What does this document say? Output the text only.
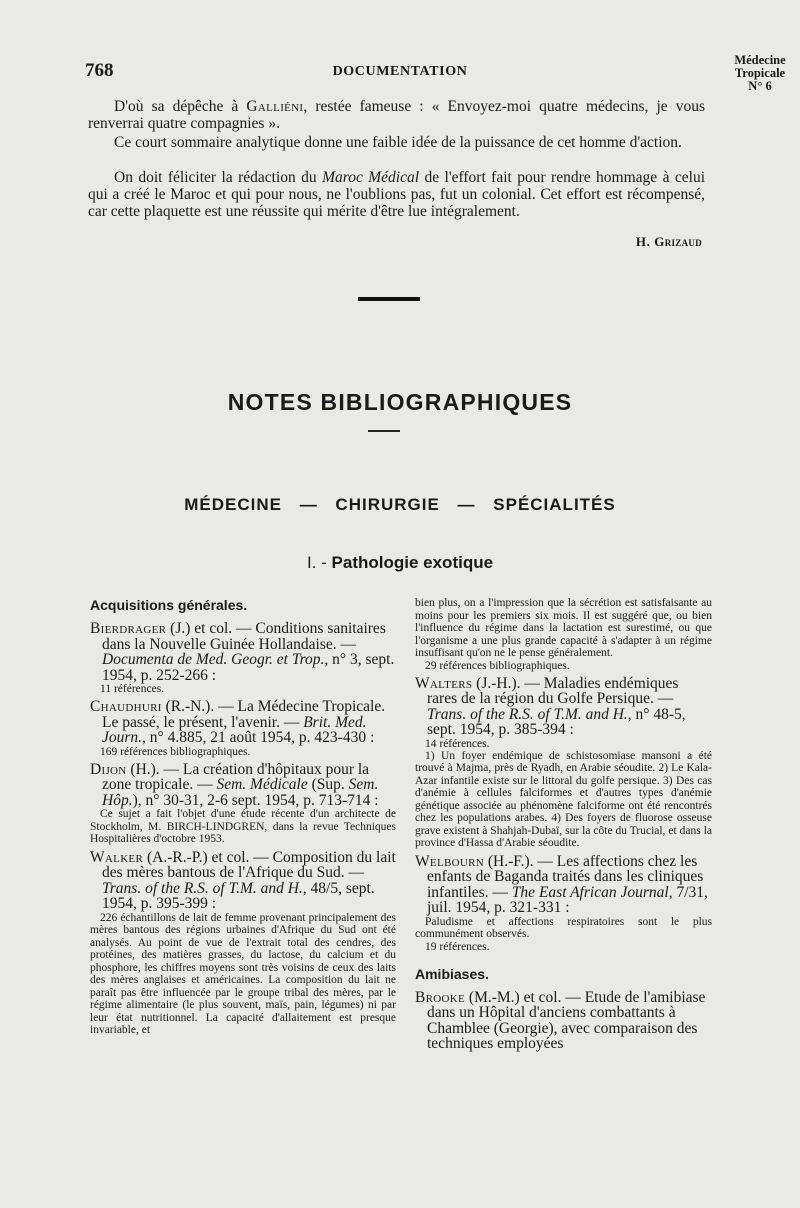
768	DOCUMENTATION
Médecine
Tropicale
N° 6
D'où sa dépêche à Galliéni, restée fameuse : « Envoyez-moi quatre médecins, je vous renverrai quatre compagnies ».
Ce court sommaire analytique donne une faible idée de la puissance de cet homme d'action.
On doit féliciter la rédaction du Maroc Médical de l'effort fait pour rendre hommage à celui qui a créé le Maroc et qui pour nous, ne l'oublions pas, fut un colonial. Cet effort est récompensé, car cette plaquette est une réussite qui mérite d'être lue intégralement.
H. Grizaud
NOTES BIBLIOGRAPHIQUES
MÉDECINE — CHIRURGIE — SPÉCIALITÉS
I. - Pathologie exotique
Acquisitions générales.
Bierdrager (J.) et col. — Conditions sanitaires dans la Nouvelle Guinée Hollandaise. — Documenta de Med. Geogr. et Trop., n° 3, sept. 1954, p. 252-266 :
11 références.
Chaudhuri (R.-N.). — La Médecine Tropicale. Le passé, le présent, l'avenir. — Brit. Med. Journ., n° 4.885, 21 août 1954, p. 423-430 :
169 références bibliographiques.
Dijon (H.). — La création d'hôpitaux pour la zone tropicale. — Sem. Médicale (Sup. Sem. Hôp.), n° 30-31, 2-6 sept. 1954, p. 713-714 :
Ce sujet a fait l'objet d'une étude récente d'un architecte de Stockholm, M. BIRCH-LINDGREN, dans la revue Techniques Hospitalières d'octobre 1953.
Walker (A.-R.-P.) et col. — Composition du lait des mères bantous de l'Afrique du Sud. — Trans. of the R.S. of T.M. and H., 48/5, sept. 1954, p. 395-399 :
226 échantillons de lait de femme provenant principalement des mères bantous des régions urbaines d'Afrique du Sud ont été analysés. Au point de vue de l'extrait total des cendres, des protéines, des matières grasses, du lactose, du calcium et du phosphore, les chiffres moyens sont très voisins de ceux des laits des mères anglaises et américaines. La composition du lait ne paraît pas être influencée par le groupe tribal des mères, par le régime alimentaire (le plus souvent, maïs, pain, légumes) ni par leur état nutritionnel. La capacité d'allaitement est presque invariable, et
bien plus, on a l'impression que la sécrétion est satisfaisante au moins pour les premiers six mois. Il est suggéré que, ou bien l'influence du régime dans la lactation est surestimé, ou que l'organisme a une plus grande capacité à s'adapter à un régime insuffisant qu'on ne le pense généralement.
29 références bibliographiques.
Walters (J.-H.). — Maladies endémiques rares de la région du Golfe Persique. — Trans. of the R.S. of T.M. and H., n° 48-5, sept. 1954, p. 385-394 :
14 références.
1) Un foyer endémique de schistosomiase mansoni a été trouvé à Majma, près de Ryadh, en Arabie séoudite. 2) Le Kala-Azar infantile existe sur le littoral du golfe persique. 3) Des cas d'anémie à cellules falciformes et d'autres types d'anémie génétique associée au phénomène falciforme ont été rencontrés chez les populations arabes. 4) Des foyers de fluorose osseuse grave existent à Shahjah-Dubaï, sur la côte du Trucial, et dans la province d'Hassa d'Arabie séoudite.
Welbourn (H.-F.). — Les affections chez les enfants de Baganda traités dans les cliniques infantiles. — The East African Journal, 7/31, juil. 1954, p. 321-331 :
Paludisme et affections respiratoires sont le plus communément observés.
19 références.
Amibiases.
Brooke (M.-M.) et col. — Etude de l'amibiase dans un Hôpital d'anciens combattants à Chamblee (Georgie), avec comparaison des techniques employées
